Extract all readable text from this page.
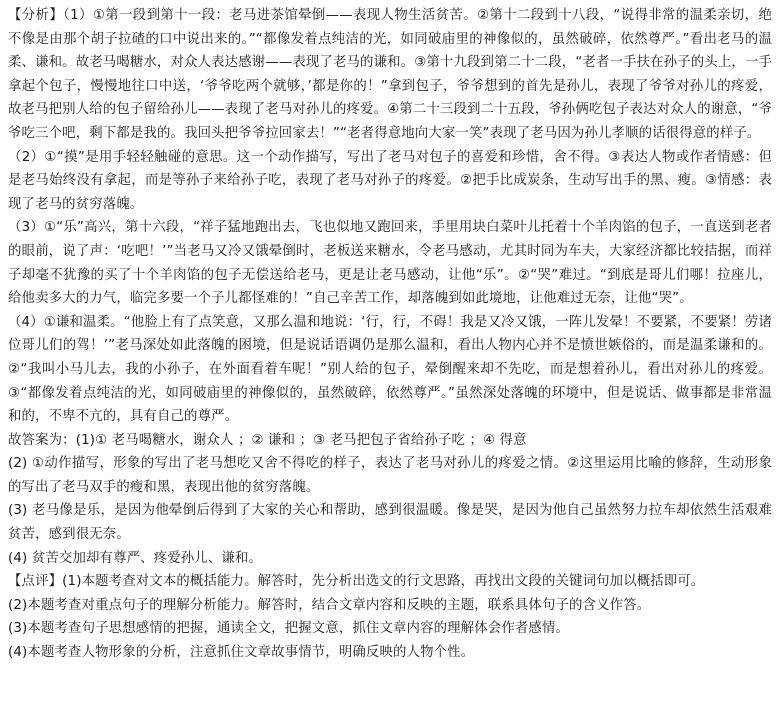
【分析】（1）①第一段到第十一段：老马进茶馆晕倒——表现人物生活贫苦。②第十二段到十八段，“说得非常的温柔亲切，绝不像是由那个胡子拉碴的口中说出来的。”“都像发着点纯洁的光，如同破庙里的神像似的，虽然破碎，依然尊严。”看出老马的温柔、谦和。故老马喝糖水，对众人表达感谢——表现了老马的谦和。③第十九段到第二十二段，“老者一手扶在孙子的头上，一手拿起个包子，慢慢地往口中送，‘爷爷吃两个就够，’都是你的！”拿到包子，爷爷想到的首先是孙儿，表现了爷爷对孙儿的疼爱，故老马把别人给的包子留给孙儿——表现了老马对孙儿的疼爱。④第二十三段到二十五段，爷孙俩吃包子表达对众人的谢意，“爷爷吃三个吧，剩下都是我的。我回头把爷爷拉回家去！”“老者得意地向大家一笑”表现了老马因为孙儿孝顺的话很得意的样子。

（2）①“摸”是用手轻轻触碰的意思。这一个动作描写，写出了老马对包子的喜爱和珍惜，舍不得。③表达人物或作者情感：但是老马始终没有拿起，而是等孙子来给孙子吃，表现了老马对孙子的疼爱。②把手比成炭条，生动写出手的黑、瘦。③情感：表现了老马的贫穷落魄。

（3）①“乐”高兴，第十六段，“祥子猛地跑出去，飞也似地又跑回来，手里用块白菜叶儿托着十个羊肉馅的包子，一直送到老者的眼前，说了声：‘吃吧！’”当老马又冷又饿晕倒时，老板送来糖水，令老马感动，尤其时同为车夫，大家经济都比较拮据，而祥子却毫不犹豫的买了十个羊肉馅的包子无偿送给老马，更是让老马感动，让他“乐”。②“哭”难过。“到底是哥儿们哪！拉座儿，给他卖多大的力气，临完多要一个子儿都怪难的！”自己辛苦工作，却落魄到如此境地，让他难过无奈，让他“哭”。

（4）①谦和温柔。“他脸上有了点笑意，又那么温和地说：‘行，行，不碍！我是又冷又饿，一阵儿发晕！不要紧，不要紧！劳诸位哥儿们的驾！’”老马深处如此落魄的困境，但是说话语调仍是那么温和，看出人物内心并不是愤世嫉俗的，而是温柔谦和的。②“我叫小马儿去，我的小孙子，在外面看着车呢！”别人给的包子，晕倒醒来却不先吃，而是想着孙儿，看出对孙儿的疼爱。③“都像发着点纯洁的光，如同破庙里的神像似的，虽然破碎，依然尊严。”虽然深处落魄的环境中，但是说话、做事都是非常温和的，不卑不亢的，具有自己的尊严。

故答案为：(1)① 老马喝糖水，谢众人 ；② 谦和 ；③ 老马把包子省给孙子吃 ；④ 得意

(2) ①动作描写，形象的写出了老马想吃又舍不得吃的样子，表达了老马对孙儿的疼爱之情。②这里运用比喻的修辞，生动形象的写出了老马双手的瘦和黑，表现出他的贫穷落魄。

(3) 老马像是乐，是因为他晕倒后得到了大家的关心和帮助，感到很温暖。像是哭，是因为他自己虽然努力拉车却依然生活艰难贫苦，感到很无奈。

(4) 贫苦交加却有尊严、疼爱孙儿、谦和。

【点评】(1)本题考查对文本的概括能力。解答时，先分析出选文的行文思路，再找出文段的关键词句加以概括即可。

(2)本题考查对重点句子的理解分析能力。解答时，结合文章内容和反映的主题，联系具体句子的含义作答。

(3)本题考查句子思想感情的把握，通读全文，把握文意，抓住文章内容的理解体会作者感情。

(4)本题考查人物形象的分析，注意抓住文章故事情节，明确反映的人物个性。
